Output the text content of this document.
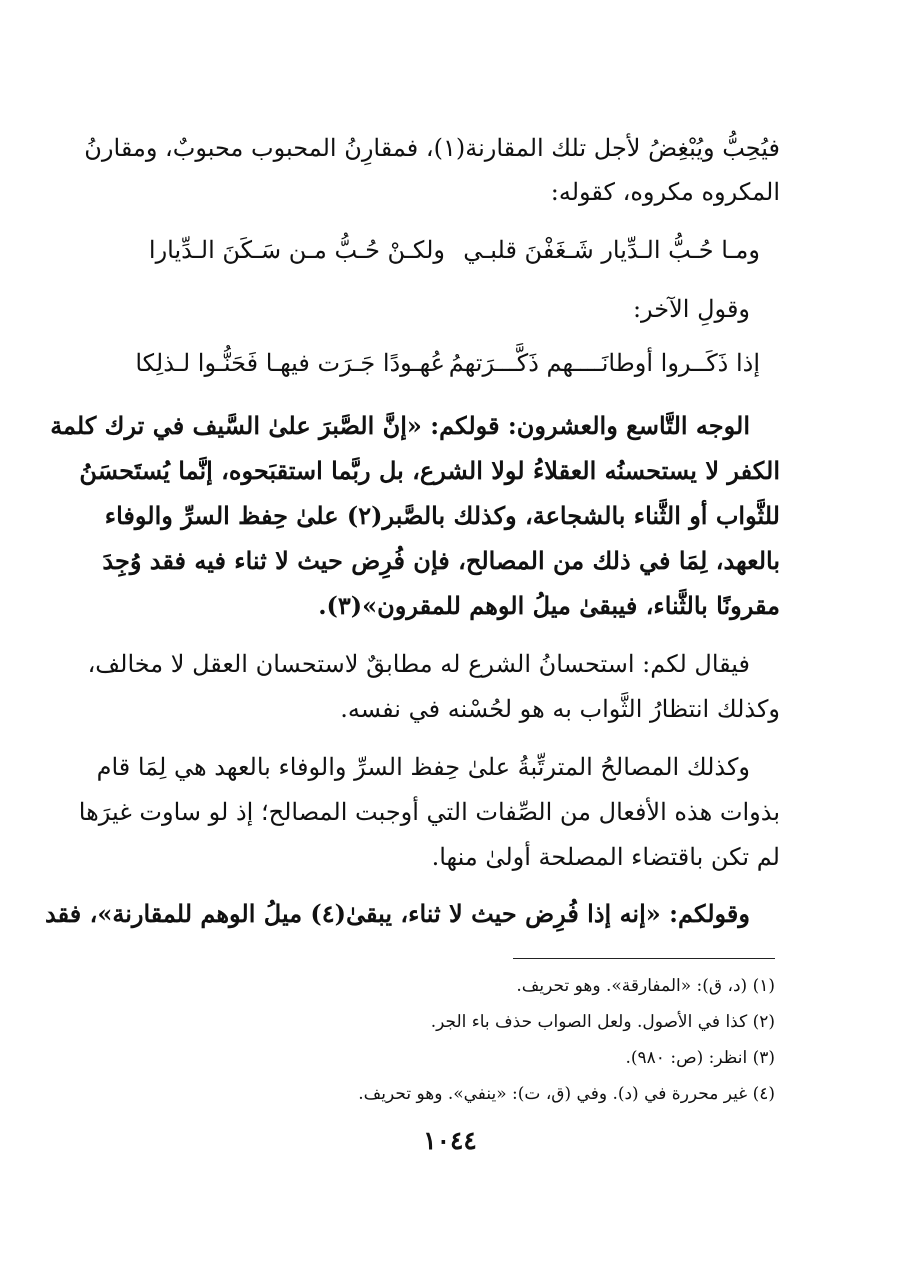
فيُحِبُّ ويُبْغِضُ لأجل تلك المقارنة(١)، فمقارِنُ المحبوب محبوبٌ، ومقارنُ
المكروه مكروه، كقوله:
ومـا حُـبُّ الـدِّيار شَـغَفْنَ قلبـي
ولكـنْ حُـبُّ مـن سَـكَنَ الـدِّيارا
وقولِ الآخر:
إذا ذَكَــروا أوطانَــــهم ذَكَّـــرَتهمُ
عُهـودًا جَـرَت فيهـا فَحَنُّـوا لـذلِكا
الوجه التَّاسع والعشرون: قولكم: «إنَّ الصَّبرَ علىٰ السَّيف في ترك كلمة
الكفر لا يستحسنُه العقلاءُ لولا الشرع، بل ربَّما استقبَحوه، إنَّما يُستَحسَنُ
للثَّواب أو الثَّناء بالشجاعة، وكذلك بالصَّبر(٢) علىٰ حِفظ السرِّ والوفاء
بالعهد، لِمَا في ذلك من المصالح، فإن فُرِض حيث لا ثناء فيه فقد وُجِدَ
مقرونًا بالثَّناء، فيبقىٰ ميلُ الوهم للمقرون»(٣).
فيقال لكم: استحسانُ الشرع له مطابقٌ لاستحسان العقل لا مخالف،
وكذلك انتظارُ الثَّواب به هو لحُسْنه في نفسه.
وكذلك المصالحُ المترتِّبةُ علىٰ حِفظ السرِّ والوفاء بالعهد هي لِمَا قام
بذوات هذه الأفعال من الصِّفات التي أوجبت المصالح؛ إذ لو ساوت غيرَها
لم تكن باقتضاء المصلحة أولىٰ منها.
وقولكم: «إنه إذا فُرِض حيث لا ثناء، يبقىٰ(٤) ميلُ الوهم للمقارنة»، فقد
(١) (د، ق): «المفارقة». وهو تحريف.
(٢) كذا في الأصول. ولعل الصواب حذف باء الجر.
(٣) انظر: (ص: ٩٨٠).
(٤) غير محررة في (د). وفي (ق، ت): «ينفي». وهو تحريف.
١٠٤٤
